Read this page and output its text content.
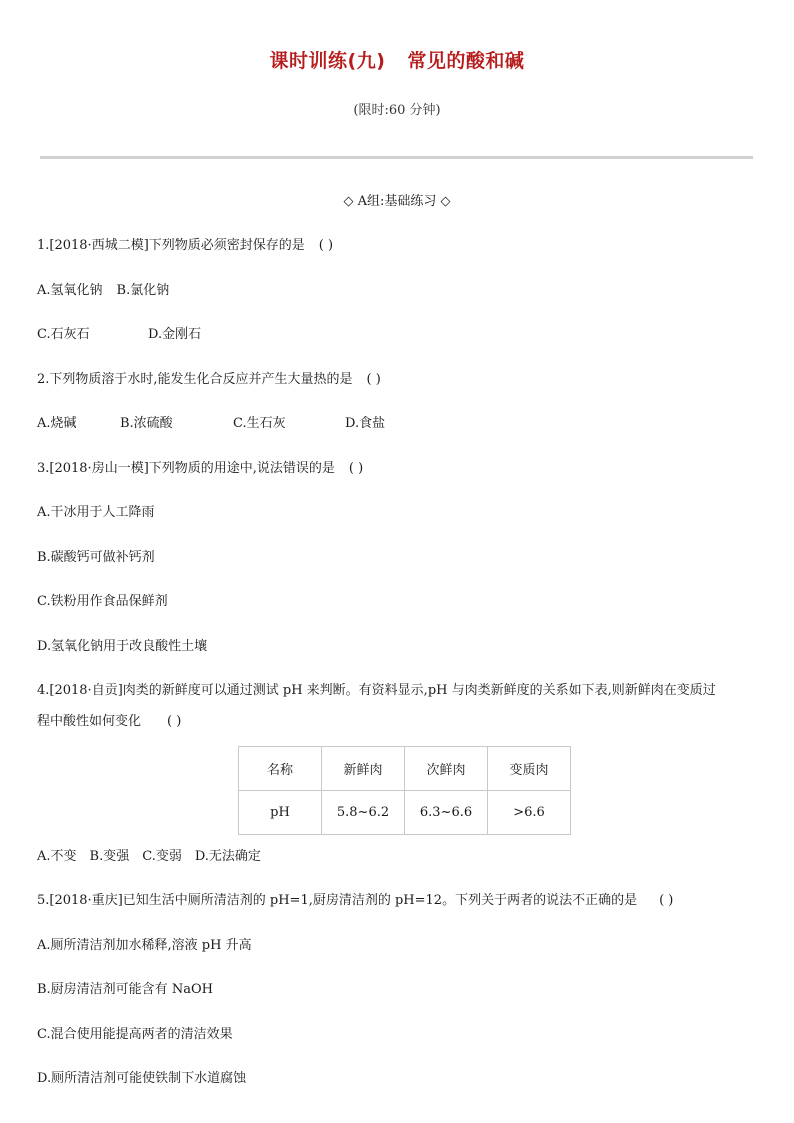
课时训练(九) 常见的酸和碱
(限时:60 分钟)
◇ A组:基础练习 ◇
1.[2018·西城二模]下列物质必须密封保存的是 ( )
A.氢氧化钠 B.氯化钠
C.石灰石	D.金刚石
2.下列物质溶于水时,能发生化合反应并产生大量热的是 ( )
A.烧碱	B.浓硫酸	C.生石灰	D.食盐
3.[2018·房山一模]下列物质的用途中,说法错误的是 ( )
A.干冰用于人工降雨
B.碳酸钙可做补钙剂
C.铁粉用作食品保鲜剂
D.氢氧化钠用于改良酸性土壤
4.[2018·自贡]肉类的新鲜度可以通过测试 pH 来判断。有资料显示,pH 与肉类新鲜度的关系如下表,则新鲜肉在变质过
程中酸性如何变化 ( )
名称	新鲜肉	次鲜肉	变质肉
pH	5.8~6.2	6.3~6.6	>6.6
A.不变 B.变强 C.变弱 D.无法确定
5.[2018·重庆]已知生活中厕所清洁剂的 pH=1,厨房清洁剂的 pH=12。下列关于两者的说法不正确的是 ( )
A.厕所清洁剂加水稀释,溶液 pH 升高
B.厨房清洁剂可能含有 NaOH
C.混合使用能提高两者的清洁效果
D.厕所清洁剂可能使铁制下水道腐蚀
